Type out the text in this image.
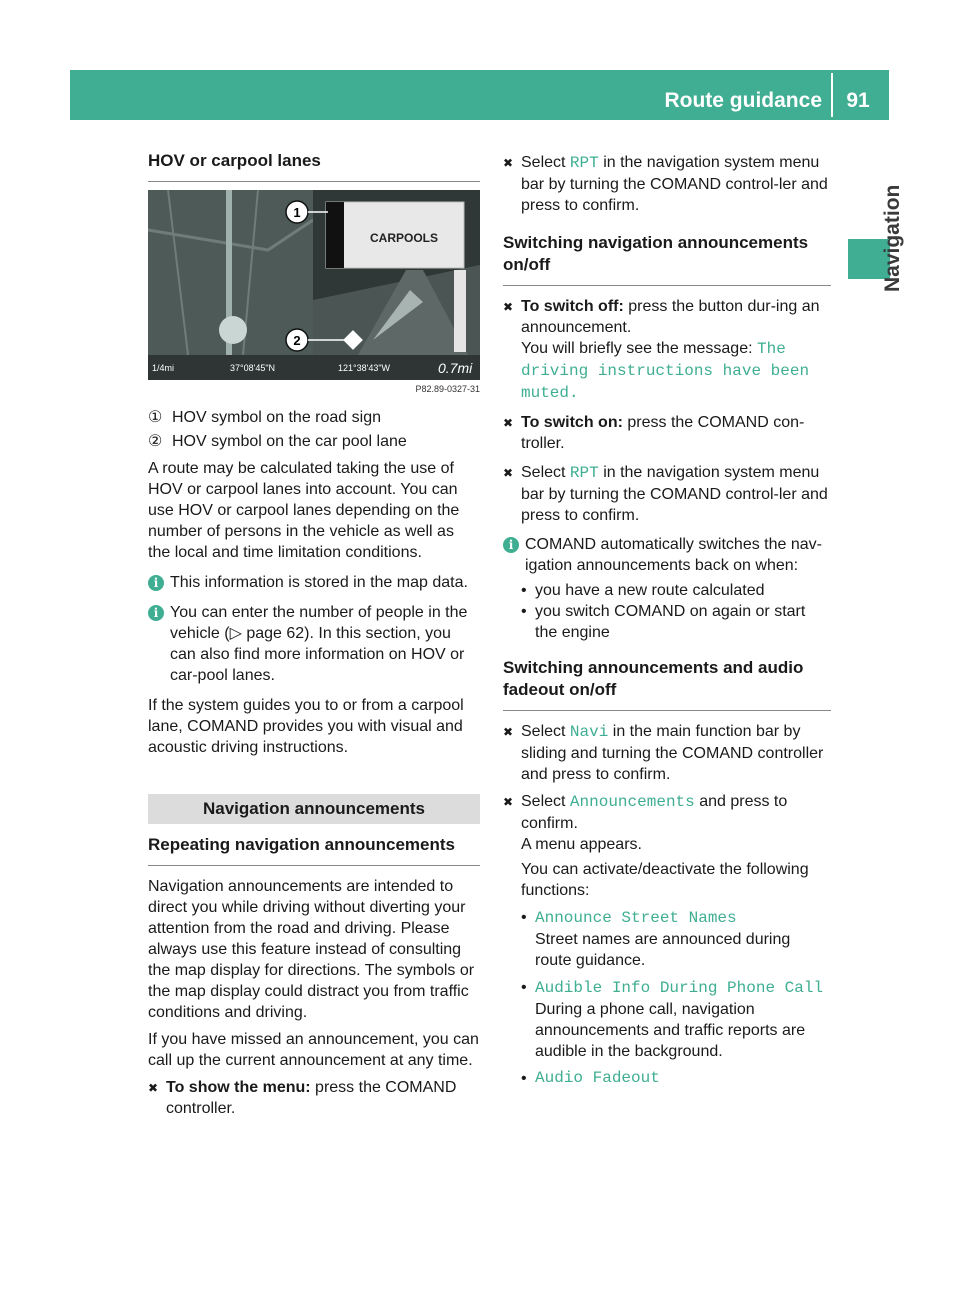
Route guidance	91
Navigation
HOV or carpool lanes
CARPOOLS
1
2
1/4mi	37°08'45"N	121°38'43"W	0.7mi
P82.89-0327-31
① HOV symbol on the road sign
② HOV symbol on the car pool lane

A route may be calculated taking the use of HOV or carpool lanes into account. You can use HOV or carpool lanes depending on the number of persons in the vehicle as well as the local and time limitation conditions.

i This information is stored in the map data.
i You can enter the number of people in the vehicle (▷ page 62). In this section, you can also find more information on HOV or car-pool lanes.

If the system guides you to or from a carpool lane, COMAND provides you with visual and acoustic driving instructions.

Navigation announcements
Repeating navigation announcements

Navigation announcements are intended to direct you while driving without diverting your attention from the road and driving. Please always use this feature instead of consulting the map display for directions. The symbols or the map display could distract you from traffic conditions and driving.

If you have missed an announcement, you can call up the current announcement at any time.

✖ To show the menu: press the COMAND controller.
✖ Select RPT in the navigation system menu bar by turning the COMAND control-ler and press to confirm.
Switching navigation announcements on/off
✖ To switch off: press the button dur-ing an announcement.
You will briefly see the message: The driving instructions have been muted.
✖ To switch on: press the COMAND con-troller.
✖ Select RPT in the navigation system menu bar by turning the COMAND control-ler and press to confirm.
i COMAND automatically switches the nav-igation announcements back on when:
• you have a new route calculated
• you switch COMAND on again or start the engine
Switching announcements and audio fadeout on/off
✖ Select Navi in the main function bar by sliding and turning the COMAND controller and press to confirm.
✖ Select Announcements and press to confirm.
A menu appears.

You can activate/deactivate the following functions:

• Announce Street Names
Street names are announced during route guidance.
• Audible Info During Phone Call
During a phone call, navigation announcements and traffic reports are audible in the background.
• Audio Fadeout
